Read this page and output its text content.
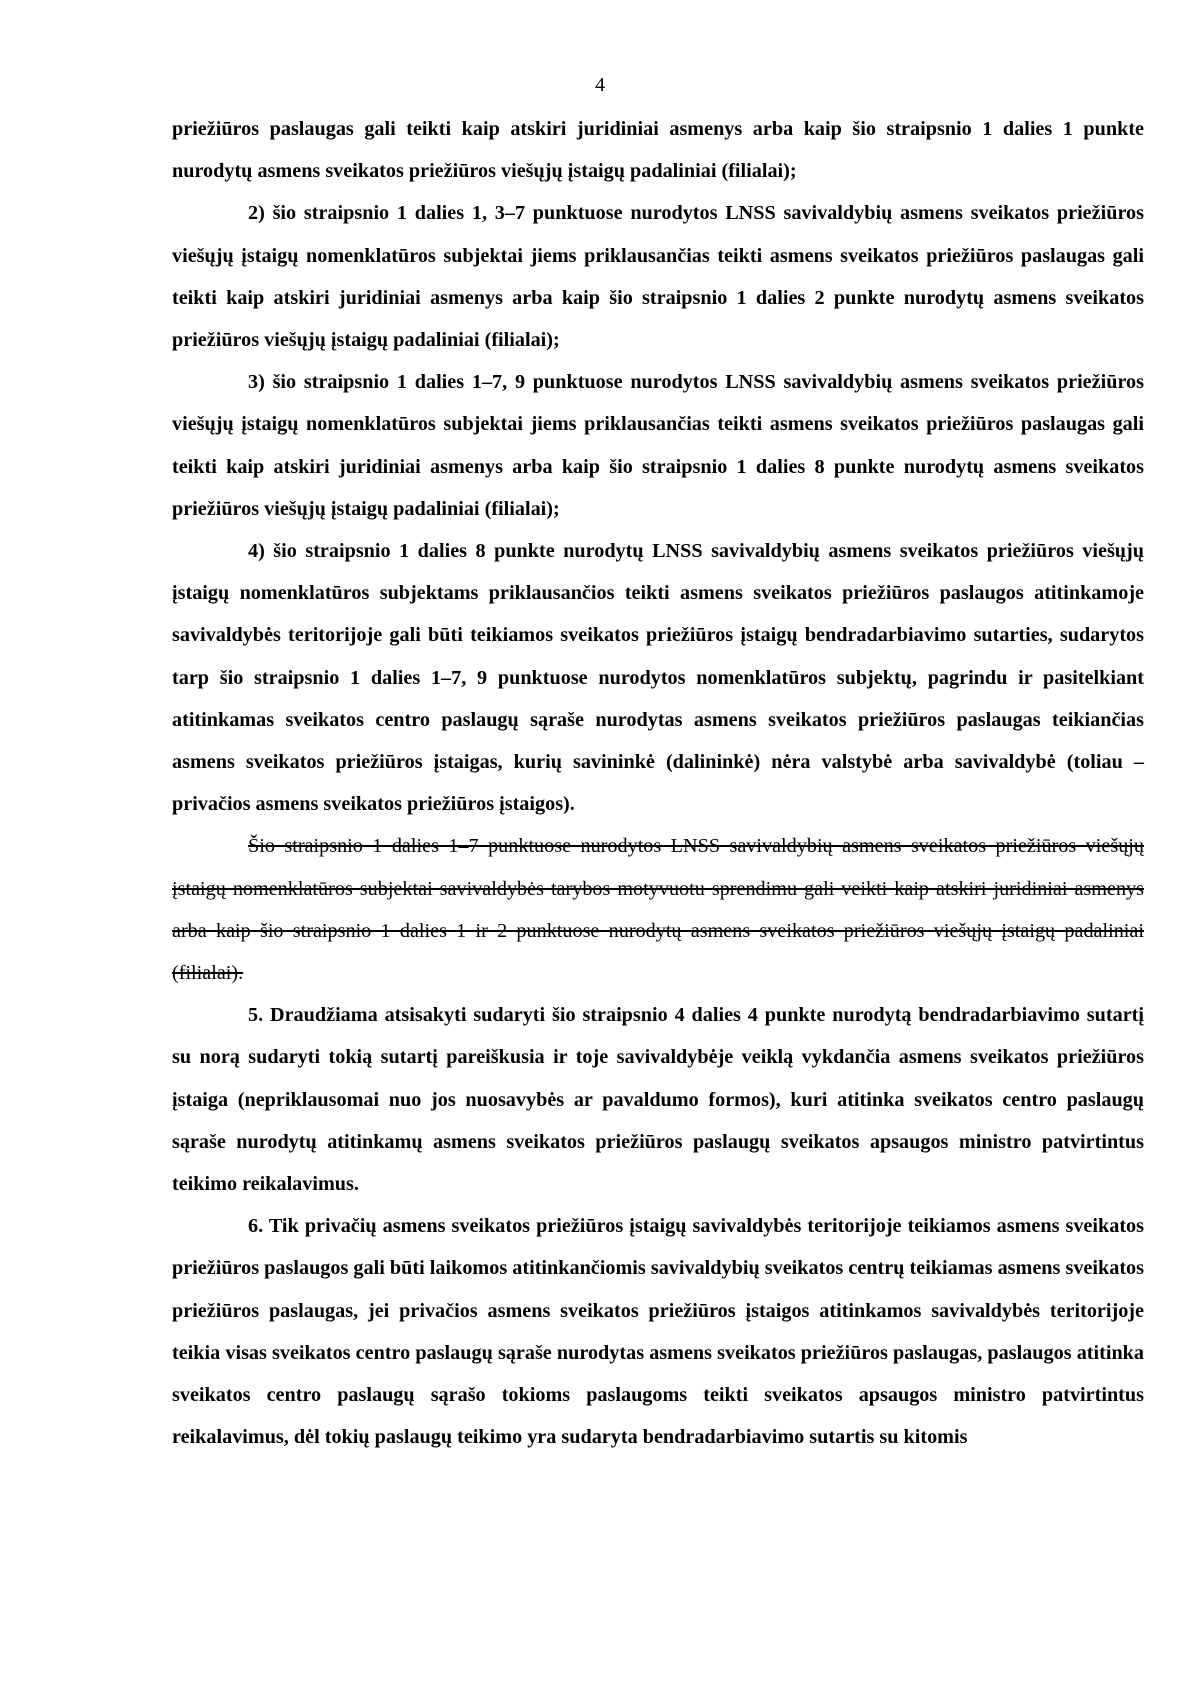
4

priežiūros paslaugas gali teikti kaip atskiri juridiniai asmenys arba kaip šio straipsnio 1 dalies 1 punkte nurodytų asmens sveikatos priežiūros viešųjų įstaigų padaliniai (filialai);

2) šio straipsnio 1 dalies 1, 3–7 punktuose nurodytos LNSS savivaldybių asmens sveikatos priežiūros viešųjų įstaigų nomenklatūros subjektai jiems priklausančias teikti asmens sveikatos priežiūros paslaugas gali teikti kaip atskiri juridiniai asmenys arba kaip šio straipsnio 1 dalies 2 punkte nurodytų asmens sveikatos priežiūros viešųjų įstaigų padaliniai (filialai);

3) šio straipsnio 1 dalies 1–7, 9 punktuose nurodytos LNSS savivaldybių asmens sveikatos priežiūros viešųjų įstaigų nomenklatūros subjektai jiems priklausančias teikti asmens sveikatos priežiūros paslaugas gali teikti kaip atskiri juridiniai asmenys arba kaip šio straipsnio 1 dalies 8 punkte nurodytų asmens sveikatos priežiūros viešųjų įstaigų padaliniai (filialai);

4) šio straipsnio 1 dalies 8 punkte nurodytų LNSS savivaldybių asmens sveikatos priežiūros viešųjų įstaigų nomenklatūros subjektams priklausančios teikti asmens sveikatos priežiūros paslaugos atitinkamoje savivaldybės teritorijoje gali būti teikiamos sveikatos priežiūros įstaigų bendradarbiavimo sutarties, sudarytos tarp šio straipsnio 1 dalies 1–7, 9 punktuose nurodytos nomenklatūros subjektų, pagrindu ir pasitelkiant atitinkamas sveikatos centro paslaugų sąraše nurodytas asmens sveikatos priežiūros paslaugas teikiančias asmens sveikatos priežiūros įstaigas, kurių savininkė (dalininkė) nėra valstybė arba savivaldybė (toliau – privačios asmens sveikatos priežiūros įstaigos).

Šio straipsnio 1 dalies 1–7 punktuose nurodytos LNSS savivaldybių asmens sveikatos priežiūros viešųjų įstaigų nomenklatūros subjektai savivaldybės tarybos motyvuotu sprendimu gali veikti kaip atskiri juridiniai asmenys arba kaip šio straipsnio 1 dalies 1 ir 2 punktuose nurodytų asmens sveikatos priežiūros viešųjų įstaigų padaliniai (filialai).

5. Draudžiama atsisakyti sudaryti šio straipsnio 4 dalies 4 punkte nurodytą bendradarbiavimo sutartį su norą sudaryti tokią sutartį pareiškusia ir toje savivaldybėje veiklą vykdančia asmens sveikatos priežiūros įstaiga (nepriklausomai nuo jos nuosavybės ar pavaldumo formos), kuri atitinka sveikatos centro paslaugų sąraše nurodytų atitinkamų asmens sveikatos priežiūros paslaugų sveikatos apsaugos ministro patvirtintus teikimo reikalavimus.

6. Tik privačių asmens sveikatos priežiūros įstaigų savivaldybės teritorijoje teikiamos asmens sveikatos priežiūros paslaugos gali būti laikomos atitinkančiomis savivaldybių sveikatos centrų teikiamas asmens sveikatos priežiūros paslaugas, jei privačios asmens sveikatos priežiūros įstaigos atitinkamos savivaldybės teritorijoje teikia visas sveikatos centro paslaugų sąraše nurodytas asmens sveikatos priežiūros paslaugas, paslaugos atitinka sveikatos centro paslaugų sąrašo tokioms paslaugoms teikti sveikatos apsaugos ministro patvirtintus reikalavimus, dėl tokių paslaugų teikimo yra sudaryta bendradarbiavimo sutartis su kitomis
